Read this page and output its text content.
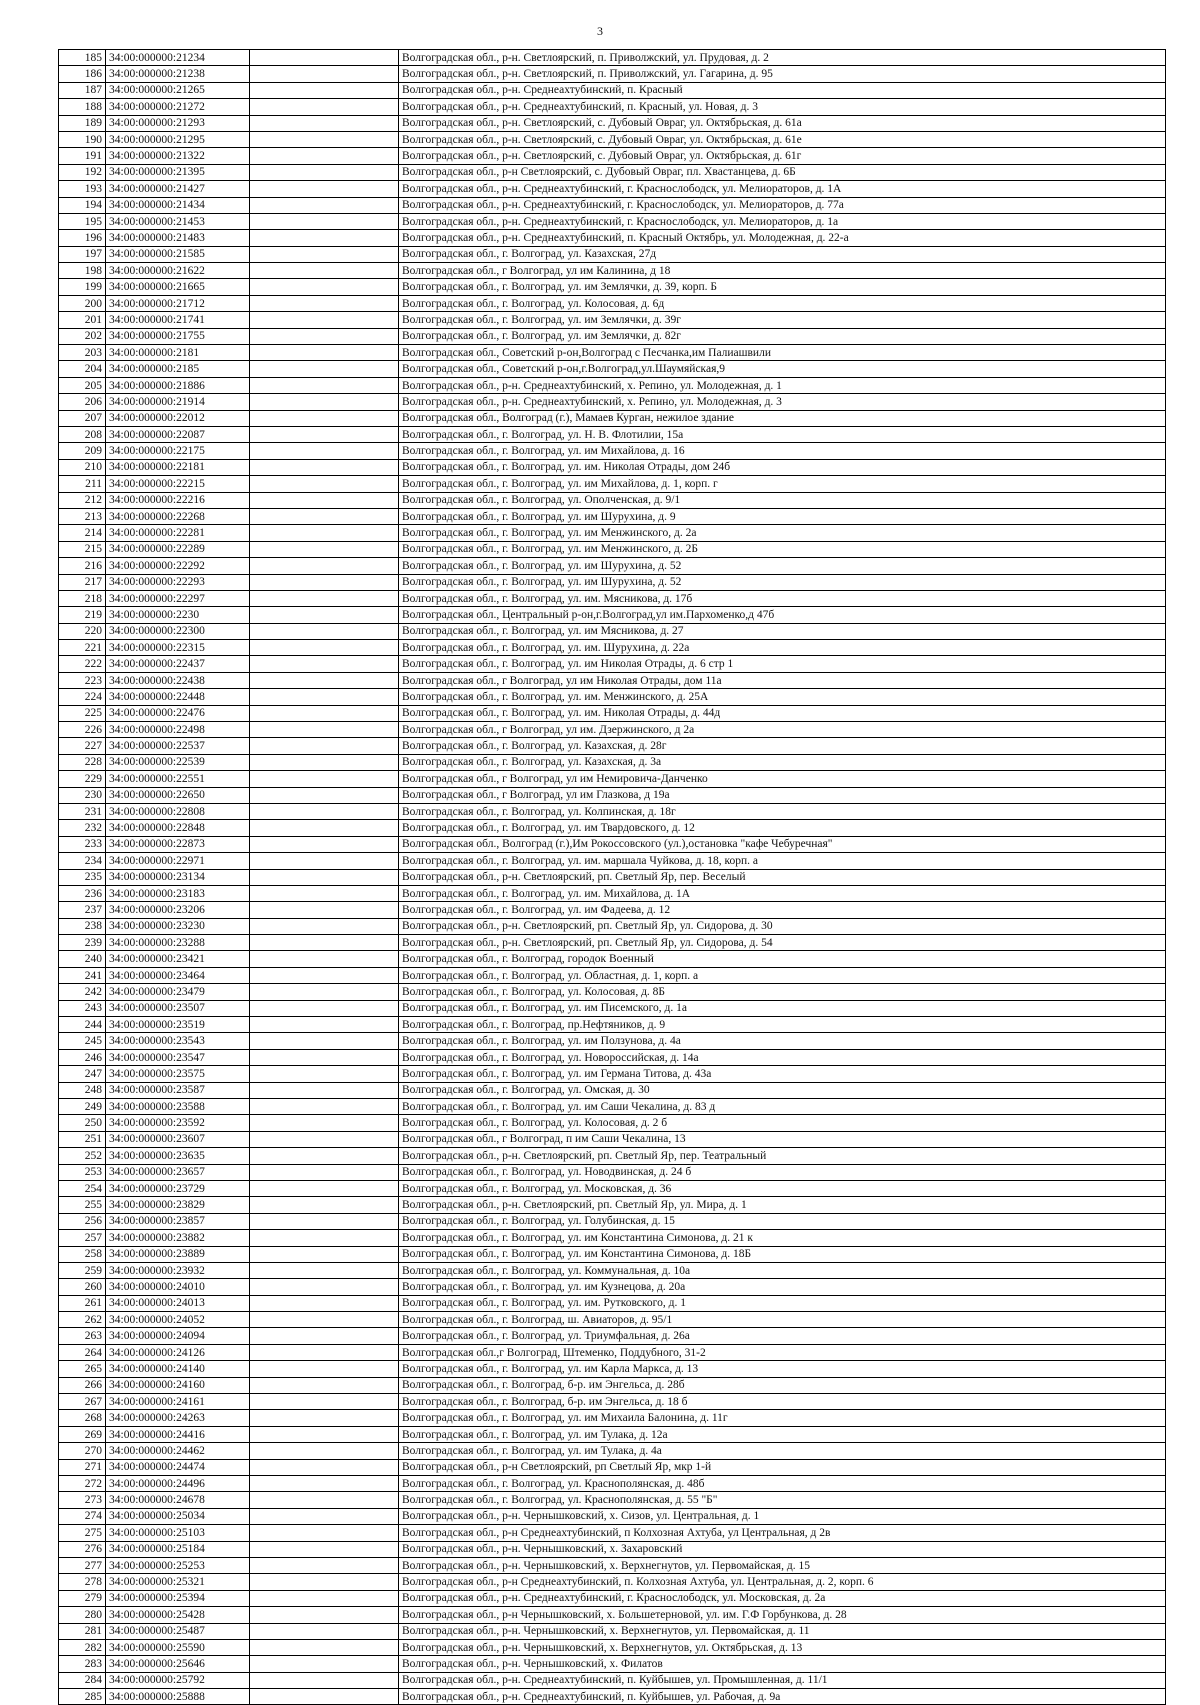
3
185	34:00:000000:21234		Волгоградская обл., р-н. Светлоярский, п. Приволжский, ул. Прудовая, д. 2
186	34:00:000000:21238		Волгоградская обл., р-н. Светлоярский, п. Приволжский, ул. Гагарина, д. 95
187	34:00:000000:21265		Волгоградская обл., р-н. Среднеахтубинский, п. Красный
188	34:00:000000:21272		Волгоградская обл., р-н. Среднеахтубинский, п. Красный, ул. Новая, д. 3
189	34:00:000000:21293		Волгоградская обл., р-н. Светлоярский, с. Дубовый Овраг, ул. Октябрьская, д. 61а
190	34:00:000000:21295		Волгоградская обл., р-н. Светлоярский, с. Дубовый Овраг, ул. Октябрьская, д. 61е
191	34:00:000000:21322		Волгоградская обл., р-н. Светлоярский, с. Дубовый Овраг, ул. Октябрьская, д. 61г
192	34:00:000000:21395		Волгоградская обл., р-н Светлоярский, с. Дубовый Овраг, пл. Хвастанцева, д. 6Б
193	34:00:000000:21427		Волгоградская обл., р-н. Среднеахтубинский, г. Краснослободск, ул. Мелиораторов, д. 1А
194	34:00:000000:21434		Волгоградская обл., р-н. Среднеахтубинский, г. Краснослободск, ул. Мелиораторов, д. 77а
195	34:00:000000:21453		Волгоградская обл., р-н. Среднеахтубинский, г. Краснослободск, ул. Мелиораторов, д. 1а
196	34:00:000000:21483		Волгоградская обл., р-н. Среднеахтубинский, п. Красный Октябрь, ул. Молодежная, д. 22-а
197	34:00:000000:21585		Волгоградская обл., г. Волгоград, ул. Казахская, 27д
198	34:00:000000:21622		Волгоградская обл., г Волгоград, ул им Калинина, д 18
199	34:00:000000:21665		Волгоградская обл., г. Волгоград, ул. им Землячки, д. 39, корп. Б
200	34:00:000000:21712		Волгоградская обл., г. Волгоград, ул. Колосовая, д. 6д
201	34:00:000000:21741		Волгоградская обл., г. Волгоград, ул. им Землячки, д. 39г
202	34:00:000000:21755		Волгоградская обл., г. Волгоград, ул. им Землячки, д. 82г
203	34:00:000000:2181		Волгоградская обл., Советский р-он,Волгоград с Песчанка,им Палиашвили
204	34:00:000000:2185		Волгоградская обл., Советский р-он,г.Волгоград,ул.Шаумяйская,9
205	34:00:000000:21886		Волгоградская обл., р-н. Среднеахтубинский, х. Репино, ул. Молодежная, д. 1
206	34:00:000000:21914		Волгоградская обл., р-н. Среднеахтубинский, х. Репино, ул. Молодежная, д. 3
207	34:00:000000:22012		Волгоградская обл., Волгоград (г.), Мамаев Курган, нежилое здание
208	34:00:000000:22087		Волгоградская обл., г. Волгоград, ул. Н. В. Флотилии, 15а
209	34:00:000000:22175		Волгоградская обл., г. Волгоград, ул. им Михайлова, д. 16
210	34:00:000000:22181		Волгоградская обл., г. Волгоград, ул. им. Николая Отрады, дом 24б
211	34:00:000000:22215		Волгоградская обл., г. Волгоград, ул. им Михайлова, д. 1, корп. г
212	34:00:000000:22216		Волгоградская обл., г. Волгоград, ул. Ополченская, д. 9/1
213	34:00:000000:22268		Волгоградская обл., г. Волгоград, ул. им Шурухина, д. 9
214	34:00:000000:22281		Волгоградская обл., г. Волгоград, ул. им Менжинского, д. 2а
215	34:00:000000:22289		Волгоградская обл., г. Волгоград, ул. им Менжинского, д. 2Б
216	34:00:000000:22292		Волгоградская обл., г. Волгоград, ул. им Шурухина, д. 52
217	34:00:000000:22293		Волгоградская обл., г. Волгоград, ул. им Шурухина, д. 52
218	34:00:000000:22297		Волгоградская обл., г. Волгоград, ул. им. Мясникова, д. 17б
219	34:00:000000:2230		Волгоградская обл., Центральный р-он,г.Волгоград,ул им.Пархоменко,д 47б
220	34:00:000000:22300		Волгоградская обл., г. Волгоград, ул. им Мясникова, д. 27
221	34:00:000000:22315		Волгоградская обл., г. Волгоград, ул. им. Шурухина, д. 22а
222	34:00:000000:22437		Волгоградская обл., г. Волгоград, ул. им Николая Отрады, д. 6 стр 1
223	34:00:000000:22438		Волгоградская обл., г Волгоград, ул им Николая Отрады, дом 11а
224	34:00:000000:22448		Волгоградская обл., г. Волгоград, ул. им. Менжинского, д. 25А
225	34:00:000000:22476		Волгоградская обл., г. Волгоград, ул. им. Николая Отрады, д. 44д
226	34:00:000000:22498		Волгоградская обл., г Волгоград, ул им. Дзержинского, д 2а
227	34:00:000000:22537		Волгоградская обл., г. Волгоград, ул. Казахская, д. 28г
228	34:00:000000:22539		Волгоградская обл., г. Волгоград, ул. Казахская, д. 3а
229	34:00:000000:22551		Волгоградская обл., г Волгоград, ул им Немировича-Данченко
230	34:00:000000:22650		Волгоградская обл., г Волгоград, ул им Глазкова, д 19а
231	34:00:000000:22808		Волгоградская обл., г. Волгоград, ул. Колпинская, д. 18г
232	34:00:000000:22848		Волгоградская обл., г. Волгоград, ул. им Твардовского, д. 12
233	34:00:000000:22873		Волгоградская обл., Волгоград (г.),Им Рокоссовского (ул.),остановка "кафе Чебуречная"
234	34:00:000000:22971		Волгоградская обл., г. Волгоград, ул. им. маршала Чуйкова, д. 18, корп. а
235	34:00:000000:23134		Волгоградская обл., р-н. Светлоярский, рп. Светлый Яр, пер. Веселый
236	34:00:000000:23183		Волгоградская обл., г. Волгоград, ул. им. Михайлова, д. 1А
237	34:00:000000:23206		Волгоградская обл., г. Волгоград, ул. им Фадеева, д. 12
238	34:00:000000:23230		Волгоградская обл., р-н. Светлоярский, рп. Светлый Яр, ул. Сидорова, д. 30
239	34:00:000000:23288		Волгоградская обл., р-н. Светлоярский, рп. Светлый Яр, ул. Сидорова, д. 54
240	34:00:000000:23421		Волгоградская обл., г. Волгоград, городок Военный
241	34:00:000000:23464		Волгоградская обл., г. Волгоград, ул. Областная, д. 1, корп. а
242	34:00:000000:23479		Волгоградская обл., г. Волгоград, ул. Колосовая, д. 8Б
243	34:00:000000:23507		Волгоградская обл., г. Волгоград, ул. им Писемского, д. 1а
244	34:00:000000:23519		Волгоградская обл., г. Волгоград, пр.Нефтяников, д. 9
245	34:00:000000:23543		Волгоградская обл., г. Волгоград, ул. им Ползунова, д. 4а
246	34:00:000000:23547		Волгоградская обл., г. Волгоград, ул. Новороссийская, д. 14а
247	34:00:000000:23575		Волгоградская обл., г. Волгоград, ул. им Германа Титова, д. 43а
248	34:00:000000:23587		Волгоградская обл., г. Волгоград, ул. Омская, д. 30
249	34:00:000000:23588		Волгоградская обл., г. Волгоград, ул. им Саши Чекалина, д. 83 д
250	34:00:000000:23592		Волгоградская обл., г. Волгоград, ул. Колосовая, д. 2 б
251	34:00:000000:23607		Волгоградская обл., г Волгоград, п им Саши Чекалина, 13
252	34:00:000000:23635		Волгоградская обл., р-н. Светлоярский, рп. Светлый Яр, пер. Театральный
253	34:00:000000:23657		Волгоградская обл., г. Волгоград, ул. Новодвинская, д. 24 б
254	34:00:000000:23729		Волгоградская обл., г. Волгоград, ул. Московская, д. 36
255	34:00:000000:23829		Волгоградская обл., р-н. Светлоярский, рп. Светлый Яр, ул. Мира, д. 1
256	34:00:000000:23857		Волгоградская обл., г. Волгоград, ул. Голубинская, д. 15
257	34:00:000000:23882		Волгоградская обл., г. Волгоград, ул. им Константина Симонова, д. 21 к
258	34:00:000000:23889		Волгоградская обл., г. Волгоград, ул. им Константина Симонова, д. 18Б
259	34:00:000000:23932		Волгоградская обл., г. Волгоград, ул. Коммунальная, д. 10а
260	34:00:000000:24010		Волгоградская обл., г. Волгоград, ул. им Кузнецова, д. 20а
261	34:00:000000:24013		Волгоградская обл., г. Волгоград, ул. им. Рутковского, д. 1
262	34:00:000000:24052		Волгоградская обл., г. Волгоград, ш. Авиаторов, д. 95/1
263	34:00:000000:24094		Волгоградская обл., г. Волгоград, ул. Триумфальная, д. 26а
264	34:00:000000:24126		Волгоградская обл.,г Волгоград, Штеменко, Поддубного, 31-2
265	34:00:000000:24140		Волгоградская обл., г. Волгоград, ул. им Карла Маркса, д. 13
266	34:00:000000:24160		Волгоградская обл., г. Волгоград, б-р. им Энгельса, д. 28б
267	34:00:000000:24161		Волгоградская обл., г. Волгоград, б-р. им Энгельса, д. 18 б
268	34:00:000000:24263		Волгоградская обл., г. Волгоград, ул. им Михаила Балонина, д. 11г
269	34:00:000000:24416		Волгоградская обл., г. Волгоград, ул. им Тулака, д. 12а
270	34:00:000000:24462		Волгоградская обл., г. Волгоград, ул. им Тулака, д. 4а
271	34:00:000000:24474		Волгоградская обл., р-н Светлоярский, рп Светлый Яр, мкр 1-й
272	34:00:000000:24496		Волгоградская обл., г. Волгоград, ул. Краснополянская, д. 48б
273	34:00:000000:24678		Волгоградская обл., г. Волгоград, ул. Краснополянская, д. 55 "Б"
274	34:00:000000:25034		Волгоградская обл., р-н. Чернышковский, х. Сизов, ул. Центральная, д. 1
275	34:00:000000:25103		Волгоградская обл., р-н Среднеахтубинский, п Колхозная Ахтуба, ул Центральная, д 2в
276	34:00:000000:25184		Волгоградская обл., р-н. Чернышковский, х. Захаровский
277	34:00:000000:25253		Волгоградская обл., р-н. Чернышковский, х. Верхнегнутов, ул. Первомайская, д. 15
278	34:00:000000:25321		Волгоградская обл., р-н Среднеахтубинский, п. Колхозная Ахтуба, ул. Центральная, д. 2, корп. 6
279	34:00:000000:25394		Волгоградская обл., р-н. Среднеахтубинский, г. Краснослободск, ул. Московская, д. 2а
280	34:00:000000:25428		Волгоградская обл., р-н Чернышковский, х. Большетерновой, ул. им. Г.Ф Горбункова, д. 28
281	34:00:000000:25487		Волгоградская обл., р-н. Чернышковский, х. Верхнегнутов, ул. Первомайская, д. 11
282	34:00:000000:25590		Волгоградская обл., р-н. Чернышковский, х. Верхнегнутов, ул. Октябрьская, д. 13
283	34:00:000000:25646		Волгоградская обл., р-н. Чернышковский, х. Филатов
284	34:00:000000:25792		Волгоградская обл., р-н. Среднеахтубинский, п. Куйбышев, ул. Промышленная, д. 11/1
285	34:00:000000:25888		Волгоградская обл., р-н. Среднеахтубинский, п. Куйбышев, ул. Рабочая, д. 9а
